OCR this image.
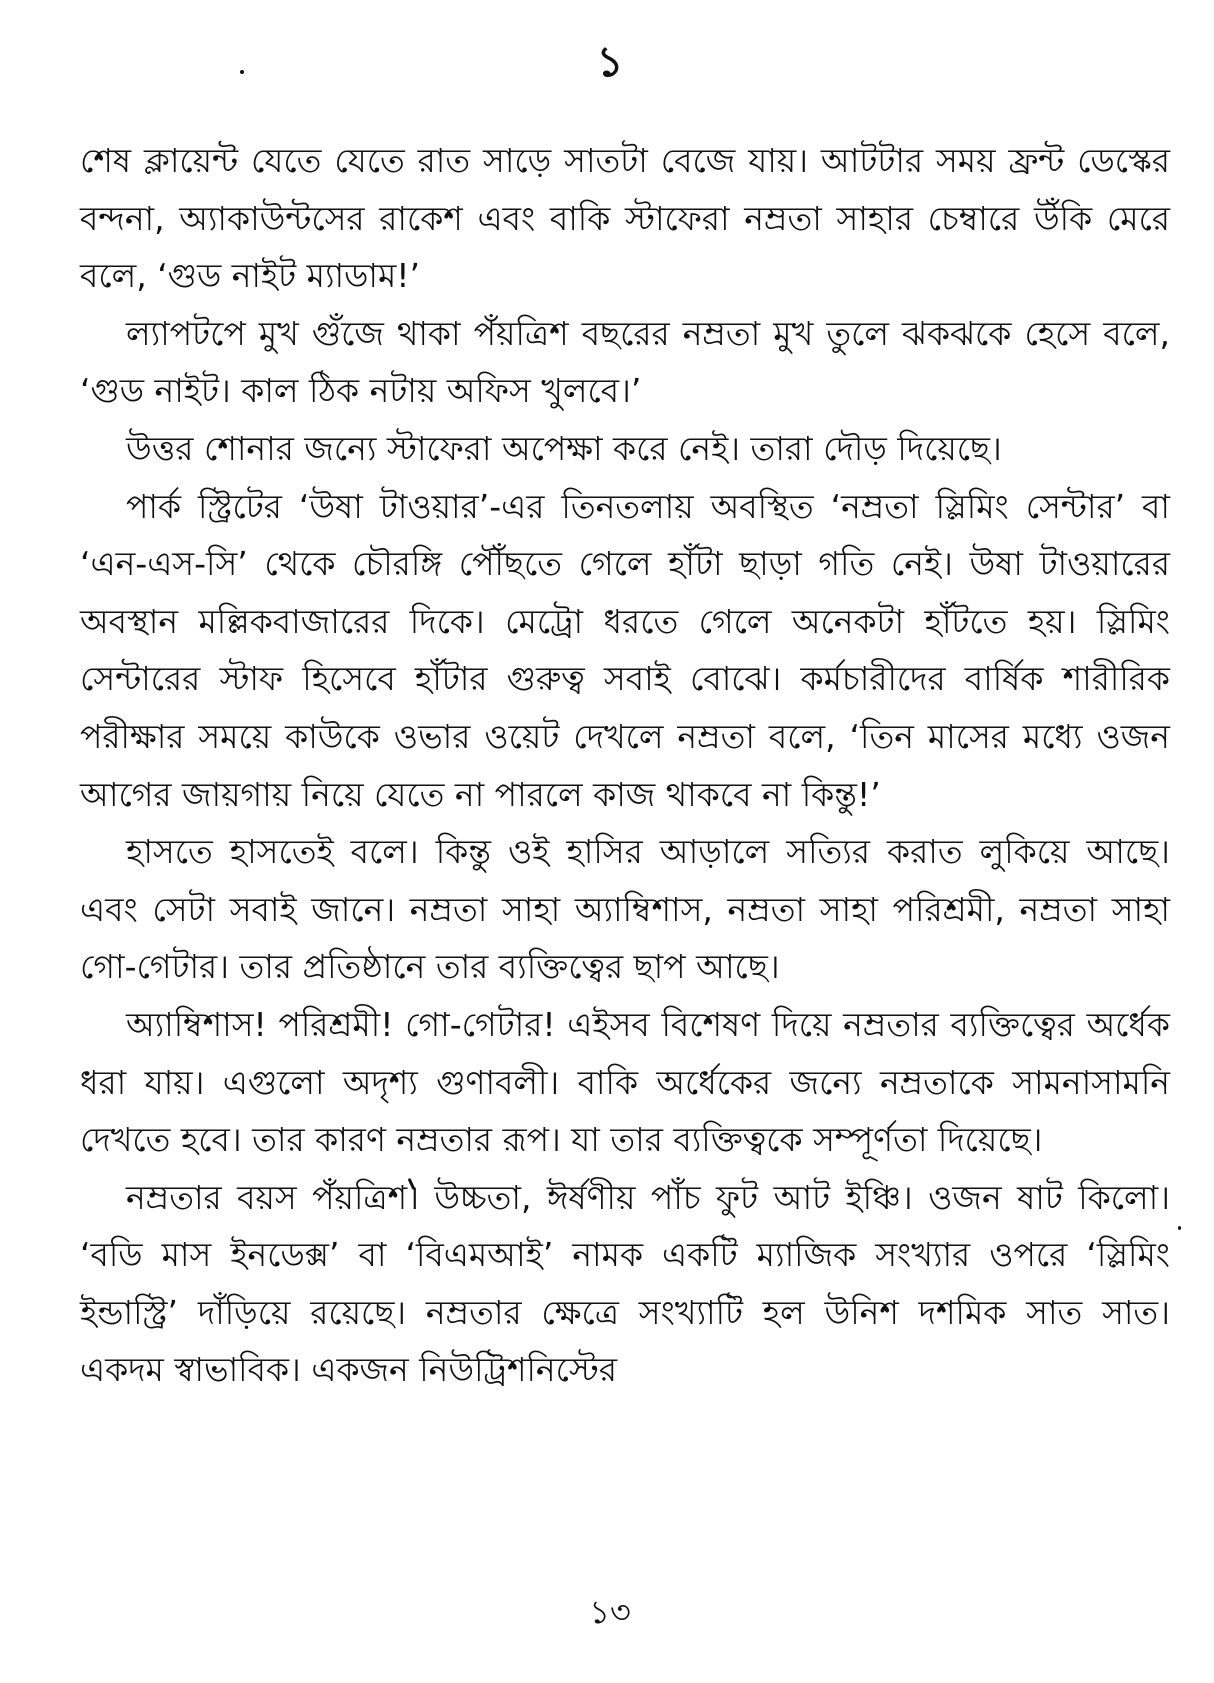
১

শেষ ক্লায়েন্ট যেতে যেতে রাত সাড়ে সাতটা বেজে যায়। আটটার সময় ফ্রন্ট ডেস্কের বন্দনা, অ্যাকাউন্টসের রাকেশ এবং বাকি স্টাফেরা নম্রতা সাহার চেম্বারে উঁকি মেরে বলে, ‘গুড নাইট ম্যাডাম!’

ল্যাপটপে মুখ গুঁজে থাকা পঁয়ত্রিশ বছরের নম্রতা মুখ তুলে ঝকঝকে হেসে বলে, ‘গুড নাইট। কাল ঠিক নটায় অফিস খুলবে।’

উত্তর শোনার জন্যে স্টাফেরা অপেক্ষা করে নেই। তারা দৌড় দিয়েছে।

পার্ক স্ট্রিটের ‘উষা টাওয়ার’-এর তিনতলায় অবস্থিত ‘নম্রতা স্লিমিং সেন্টার’ বা ‘এন-এস-সি’ থেকে চৌরঙ্গি পৌঁছতে গেলে হাঁটা ছাড়া গতি নেই। উষা টাওয়ারের অবস্থান মল্লিকবাজারের দিকে। মেট্রো ধরতে গেলে অনেকটা হাঁটতে হয়। স্লিমিং সেন্টারের স্টাফ হিসেবে হাঁটার গুরুত্ব সবাই বোঝে। কর্মচারীদের বার্ষিক শারীরিক পরীক্ষার সময়ে কাউকে ওভার ওয়েট দেখলে নম্রতা বলে, ‘তিন মাসের মধ্যে ওজন আগের জায়গায় নিয়ে যেতে না পারলে কাজ থাকবে না কিন্তু!’

হাসতে হাসতেই বলে। কিন্তু ওই হাসির আড়ালে সত্যির করাত লুকিয়ে আছে। এবং সেটা সবাই জানে। নম্রতা সাহা অ্যাম্বিশাস, নম্রতা সাহা পরিশ্রমী, নম্রতা সাহা গো-গেটার। তার প্রতিষ্ঠানে তার ব্যক্তিত্বের ছাপ আছে।

অ্যাম্বিশাস! পরিশ্রমী! গো-গেটার! এইসব বিশেষণ দিয়ে নম্রতার ব্যক্তিত্বের অর্ধেক ধরা যায়। এগুলো অদৃশ্য গুণাবলী। বাকি অর্ধেকের জন্যে নম্রতাকে সামনাসামনি দেখতে হবে। তার কারণ নম্রতার রূপ। যা তার ব্যক্তিত্বকে সম্পূর্ণতা দিয়েছে।

নম্রতার বয়স পঁয়ত্রিশ। উচ্চতা, ঈর্ষণীয় পাঁচ ফুট আট ইঞ্চি। ওজন ষাট কিলো। ‘বডি মাস ইনডেক্স’ বা ‘বিএমআই’ নামক একটি ম্যাজিক সংখ্যার ওপরে ‘স্লিমিং ইন্ডাস্ট্রি’ দাঁড়িয়ে রয়েছে। নম্রতার ক্ষেত্রে সংখ্যাটি হল উনিশ দশমিক সাত সাত। একদম স্বাভাবিক। একজন নিউট্রিশনিস্টের

১৩
